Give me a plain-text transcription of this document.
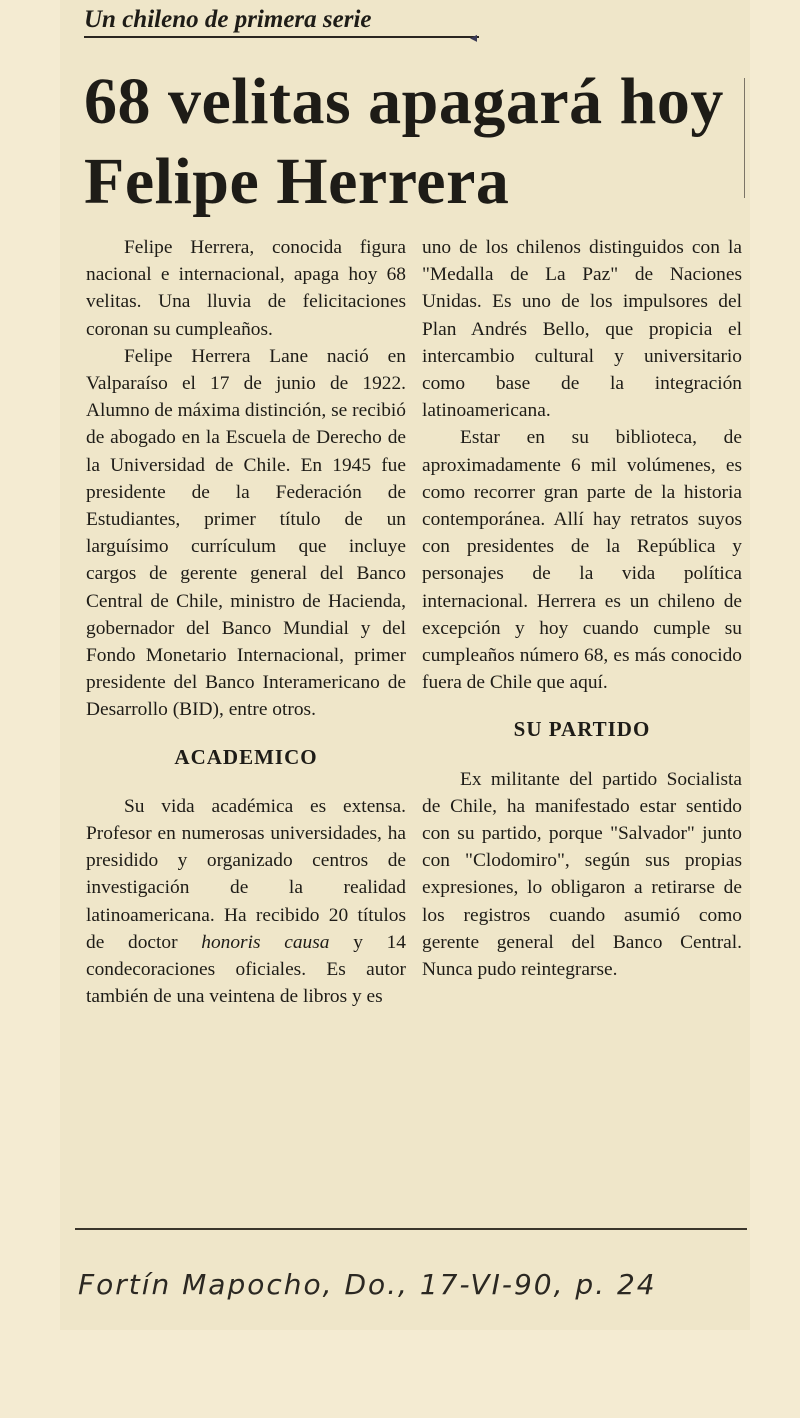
Un chileno de primera serie
◂
68 velitas apagará hoy Felipe Herrera

Felipe Herrera, conocida figura nacional e internacional, apaga hoy 68 velitas. Una lluvia de felicitaciones coronan su cumpleaños.

Felipe Herrera Lane nació en Valparaíso el 17 de junio de 1922. Alumno de máxima distinción, se recibió de abogado en la Escuela de Derecho de la Universidad de Chile. En 1945 fue presidente de la Federación de Estudiantes, primer título de un larguísimo currículum que incluye cargos de gerente general del Banco Central de Chile, ministro de Hacienda, gobernador del Banco Mundial y del Fondo Monetario Internacional, primer presidente del Banco Interamericano de Desarrollo (BID), entre otros.

ACADEMICO

Su vida académica es extensa. Profesor en numerosas universidades, ha presidido y organizado centros de investigación de la realidad latinoamericana. Ha recibido 20 títulos de doctor honoris causa y 14 condecoraciones oficiales. Es autor también de una veintena de libros y es

uno de los chilenos distinguidos con la "Medalla de La Paz" de Naciones Unidas. Es uno de los impulsores del Plan Andrés Bello, que propicia el intercambio cultural y universitario como base de la integración latinoamericana.

Estar en su biblioteca, de aproximadamente 6 mil volúmenes, es como recorrer gran parte de la historia contemporánea. Allí hay retratos suyos con presidentes de la República y personajes de la vida política internacional. Herrera es un chileno de excepción y hoy cuando cumple su cumpleaños número 68, es más conocido fuera de Chile que aquí.

SU PARTIDO

Ex militante del partido Socialista de Chile, ha manifestado estar sentido con su partido, porque "Salvador" junto con "Clodomiro", según sus propias expresiones, lo obligaron a retirarse de los registros cuando asumió como gerente general del Banco Central. Nunca pudo reintegrarse.

Fortín Mapocho, Do., 17-VI-90, p. 24
